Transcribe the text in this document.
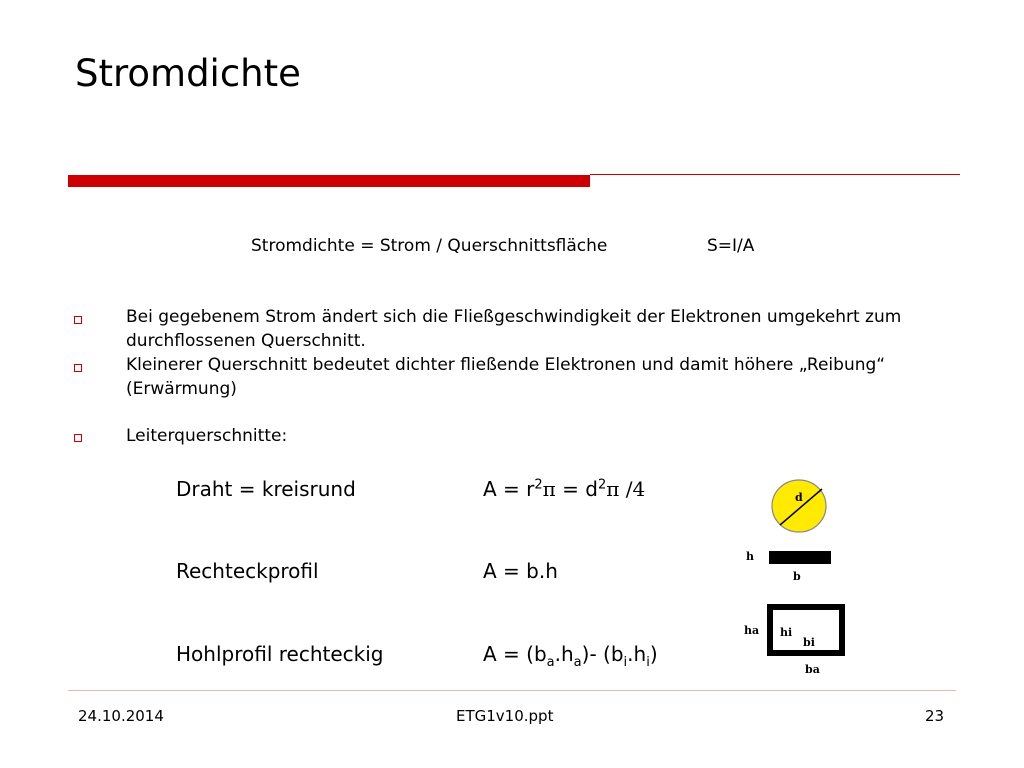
Stromdichte
Stromdichte = Strom / Querschnittsfläche	S=I/A
Bei gegebenem Strom ändert sich die Fließgeschwindigkeit der Elektronen umgekehrt zum durchflossenen Querschnitt.
Kleinerer Querschnitt bedeutet dichter fließende Elektronen und damit höhere „Reibung“ (Erwärmung)
Leiterquerschnitte:
Draht = kreisrund	$A = r^2\pi = d^2\pi$ /4
Rechteckprofil	A = b.h
Hohlprofil rechteckig	$A = (b_a.h_a)-$ $(b_i.h_i)$
d
h
b
ha hi
bi
ba
24.10.2014	ETG1v10.ppt	23
